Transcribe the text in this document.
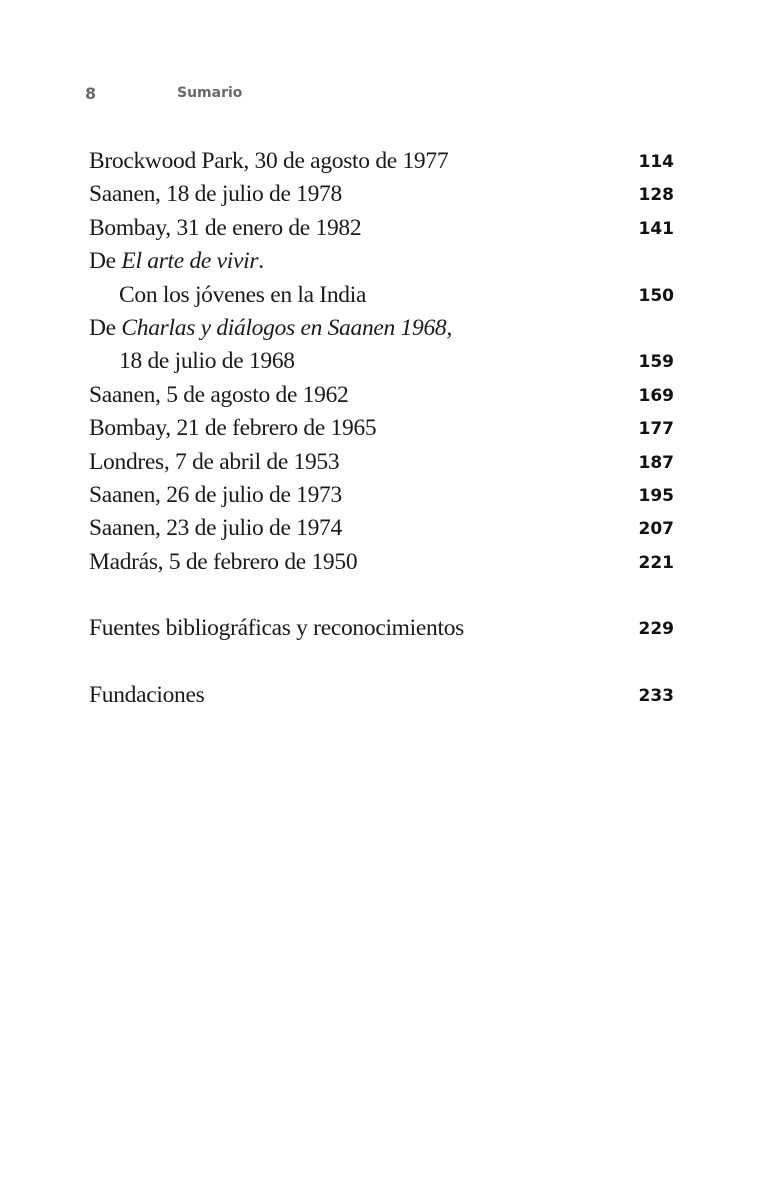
8	Sumario
Brockwood Park, 30 de agosto de 1977	114
Saanen, 18 de julio de 1978	128
Bombay, 31 de enero de 1982	141
De El arte de vivir.
Con los jóvenes en la India	150
De Charlas y diálogos en Saanen 1968,
18 de julio de 1968	159
Saanen, 5 de agosto de 1962	169
Bombay, 21 de febrero de 1965	177
Londres, 7 de abril de 1953	187
Saanen, 26 de julio de 1973	195
Saanen, 23 de julio de 1974	207
Madrás, 5 de febrero de 1950	221
Fuentes bibliográficas y reconocimientos	229
Fundaciones	233
